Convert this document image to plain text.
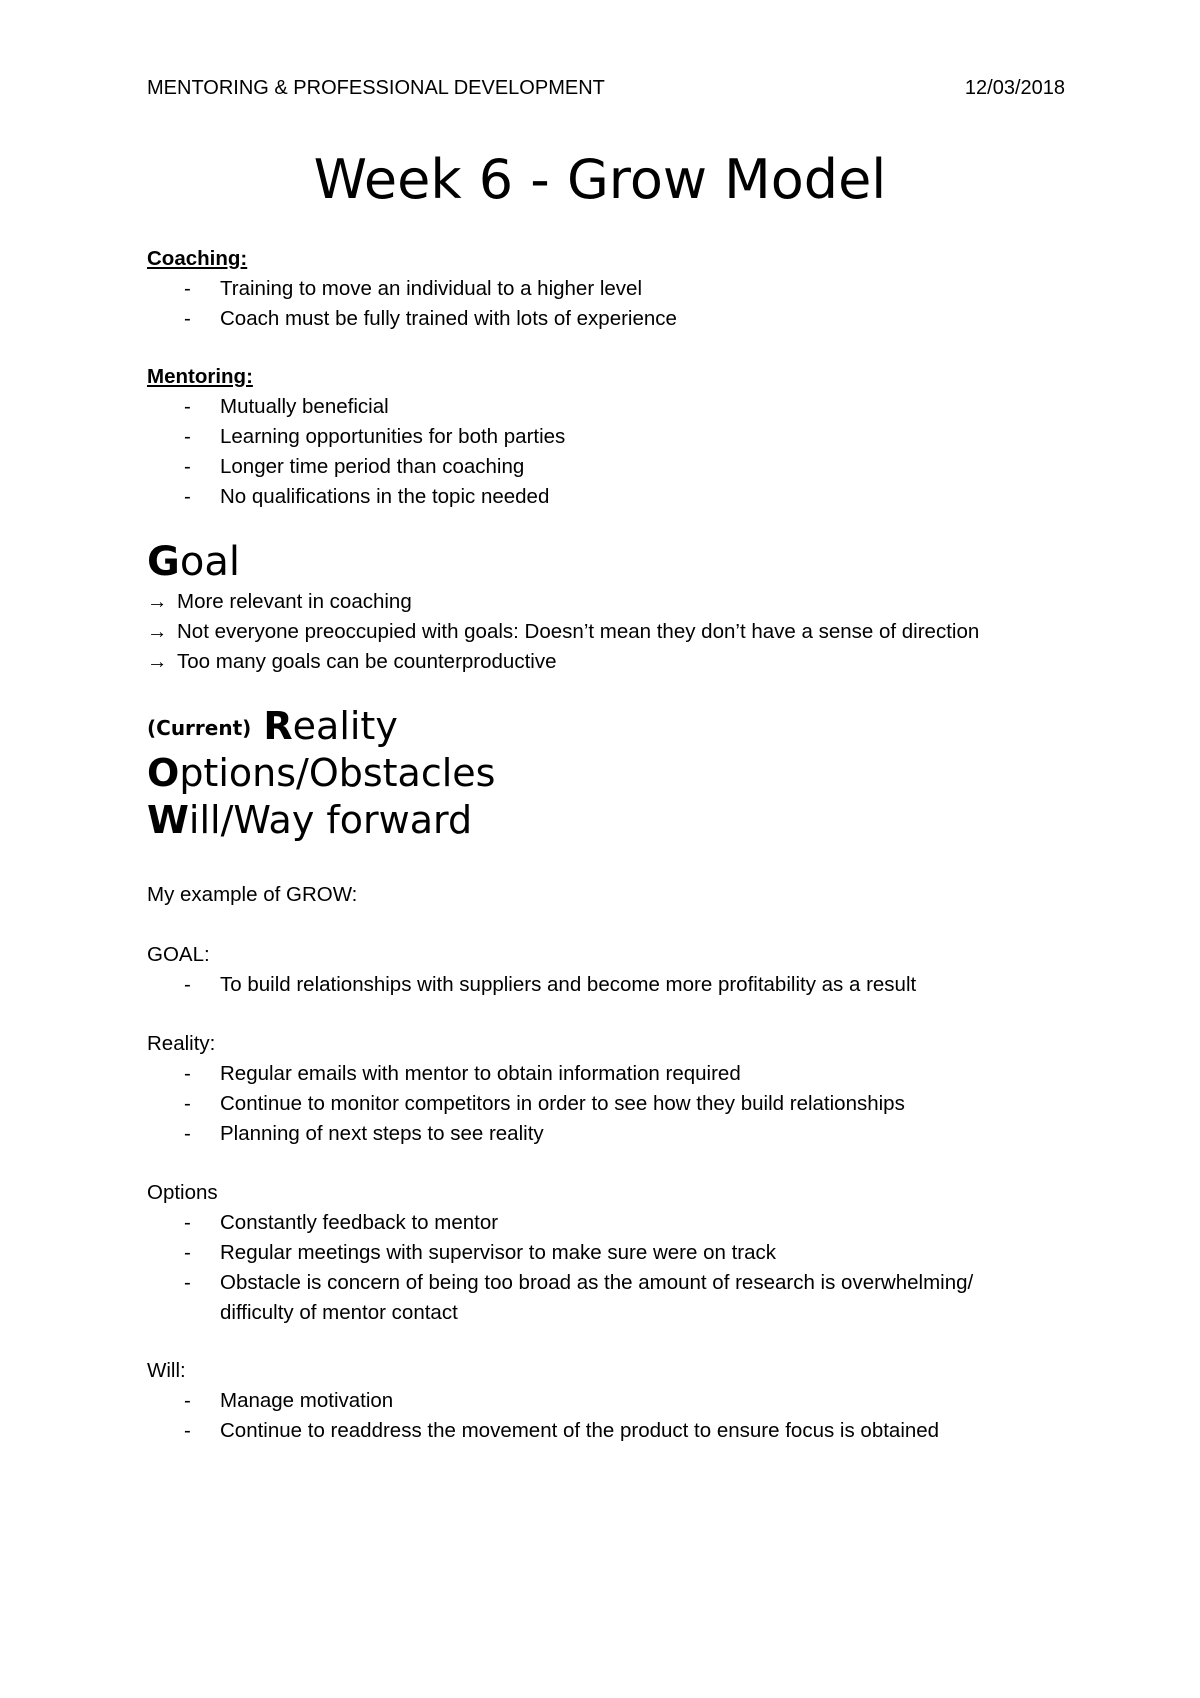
MENTORING & PROFESSIONAL DEVELOPMENT	12/03/2018
Week 6 - Grow Model
Coaching:
- Training to move an individual to a higher level
- Coach must be fully trained with lots of experience
Mentoring:
- Mutually beneficial
- Learning opportunities for both parties
- Longer time period than coaching
- No qualifications in the topic needed
Goal
→ More relevant in coaching
→ Not everyone preoccupied with goals: Doesn’t mean they don’t have a sense of direction
→ Too many goals can be counterproductive
(Current) Reality
Options/Obstacles
Will/Way forward
My example of GROW:
GOAL:
- To build relationships with suppliers and become more profitability as a result
Reality:
- Regular emails with mentor to obtain information required
- Continue to monitor competitors in order to see how they build relationships
- Planning of next steps to see reality
Options
- Constantly feedback to mentor
- Regular meetings with supervisor to make sure were on track
- Obstacle is concern of being too broad as the amount of research is overwhelming/
difficulty of mentor contact
Will:
- Manage motivation
- Continue to readdress the movement of the product to ensure focus is obtained
